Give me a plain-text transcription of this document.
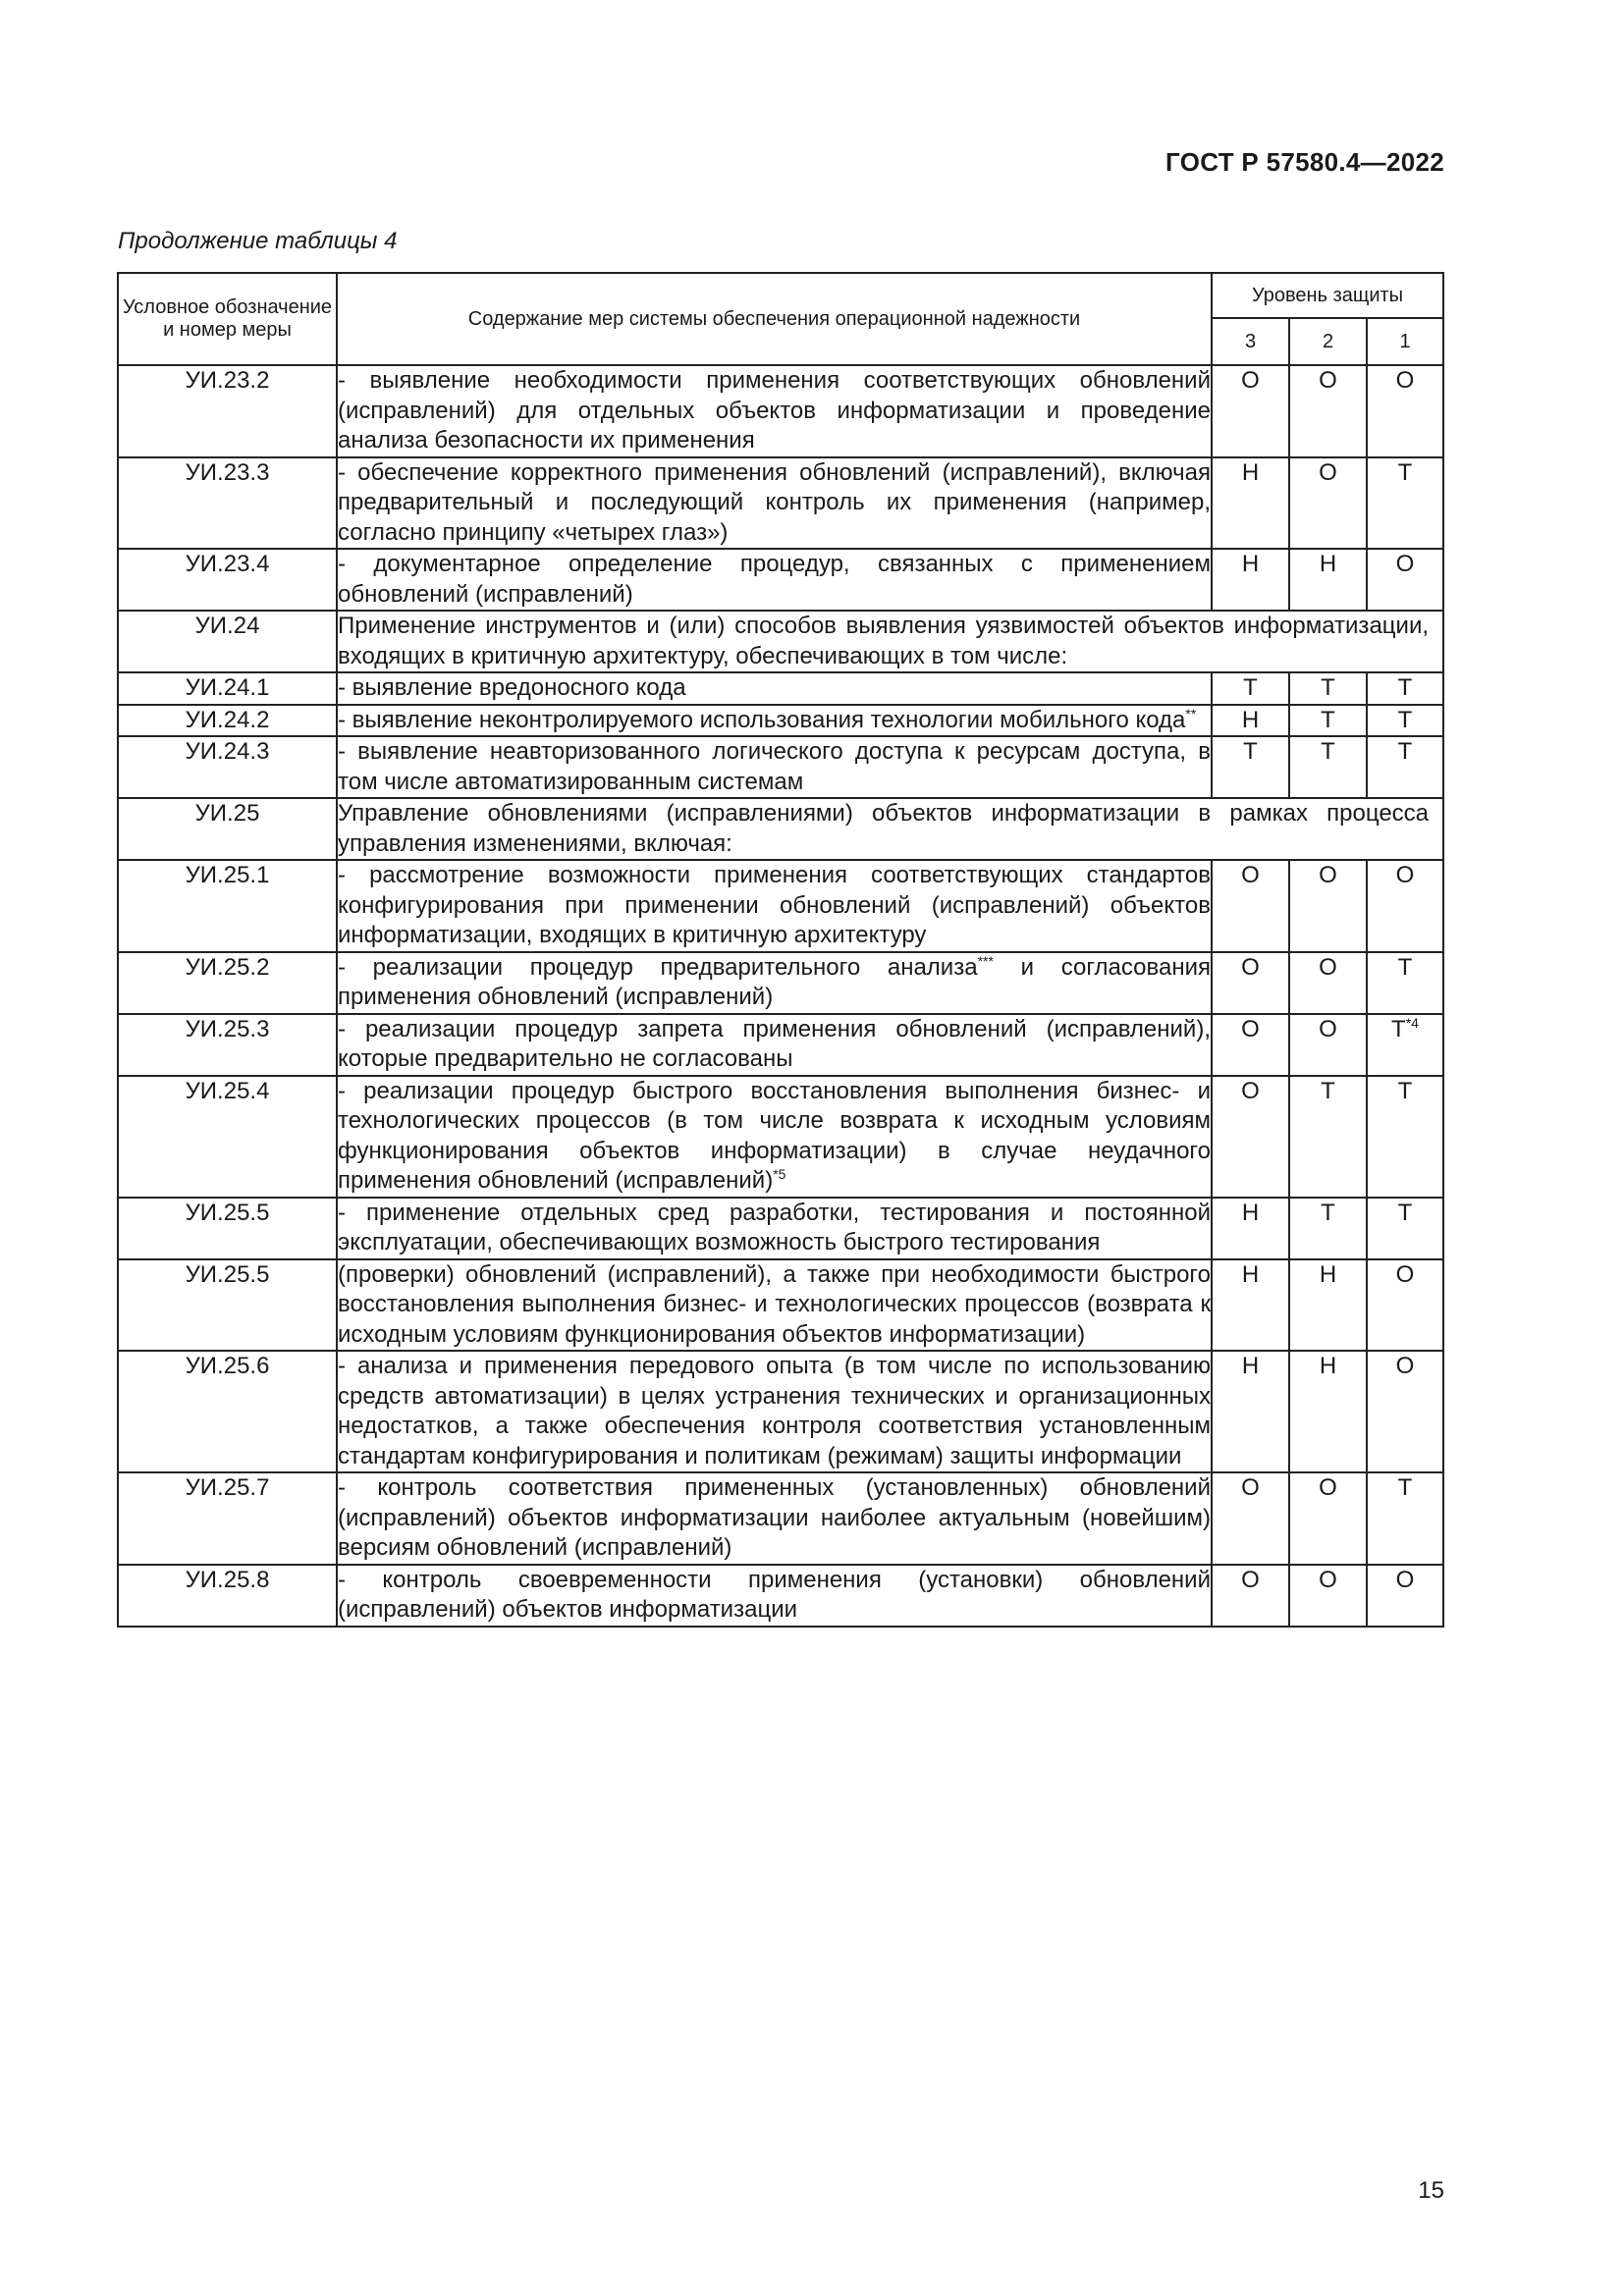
ГОСТ Р 57580.4—2022
Продолжение таблицы 4
Условное обозначение и номер меры	Содержание мер системы обеспечения операционной надежности	Уровень защиты		
		3	2	1
УИ.23.2	- выявление необходимости применения соответствующих обновлений (исправлений) для отдельных объектов информатизации и проведение анализа безопасности их применения	О	О	О
УИ.23.3	- обеспечение корректного применения обновлений (исправлений), включая предварительный и последующий контроль их применения (например, согласно принципу «четырех глаз»)	Н	О	Т
УИ.23.4	- документарное определение процедур, связанных с применением обновлений (исправлений)	Н	Н	О
УИ.24	Применение инструментов и (или) способов выявления уязвимостей объектов информатизации, входящих в критичную архитектуру, обеспечивающих в том числе:			
УИ.24.1	- выявление вредоносного кода	Т	Т	Т
УИ.24.2	- выявление неконтролируемого использования технологии мобильного кода**	Н	Т	Т
УИ.24.3	- выявление неавторизованного логического доступа к ресурсам доступа, в том числе автоматизированным системам	Т	Т	Т
УИ.25	Управление обновлениями (исправлениями) объектов информатизации в рамках процесса управления изменениями, включая:			
УИ.25.1	- рассмотрение возможности применения соответствующих стандартов конфигурирования при применении обновлений (исправлений) объектов информатизации, входящих в критичную архитектуру	О	О	О
УИ.25.2	- реализации процедур предварительного анализа*** и согласования применения обновлений (исправлений)	О	О	Т
УИ.25.3	- реализации процедур запрета применения обновлений (исправлений), которые предварительно не согласованы	О	О	$Т^{*4}$
УИ.25.4	- реализации процедур быстрого восстановления выполнения бизнес- и технологических процессов (в том числе возврата к исходным условиям функционирования объектов информатизации) в случае неудачного применения обновлений (исправлений)$^{*5}$	О	Т	Т
УИ.25.5	- применение отдельных сред разработки, тестирования и постоянной эксплуатации, обеспечивающих возможность быстрого тестирования	Н	Т	Т
УИ.25.5	(проверки) обновлений (исправлений), а также при необходимости быстрого восстановления выполнения бизнес- и технологических процессов (возврата к исходным условиям функционирования объектов информатизации)	Н	Н	О
УИ.25.6	- анализа и применения передового опыта (в том числе по использованию средств автоматизации) в целях устранения технических и организационных недостатков, а также обеспечения контроля соответствия установленным стандартам конфигурирования и политикам (режимам) защиты информации	Н	Н	О
УИ.25.7	- контроль соответствия примененных (установленных) обновлений (исправлений) объектов информатизации наиболее актуальным (новейшим) версиям обновлений (исправлений)	О	О	Т
УИ.25.8	- контроль своевременности применения (установки) обновлений (исправлений) объектов информатизации	О	О	О
15
